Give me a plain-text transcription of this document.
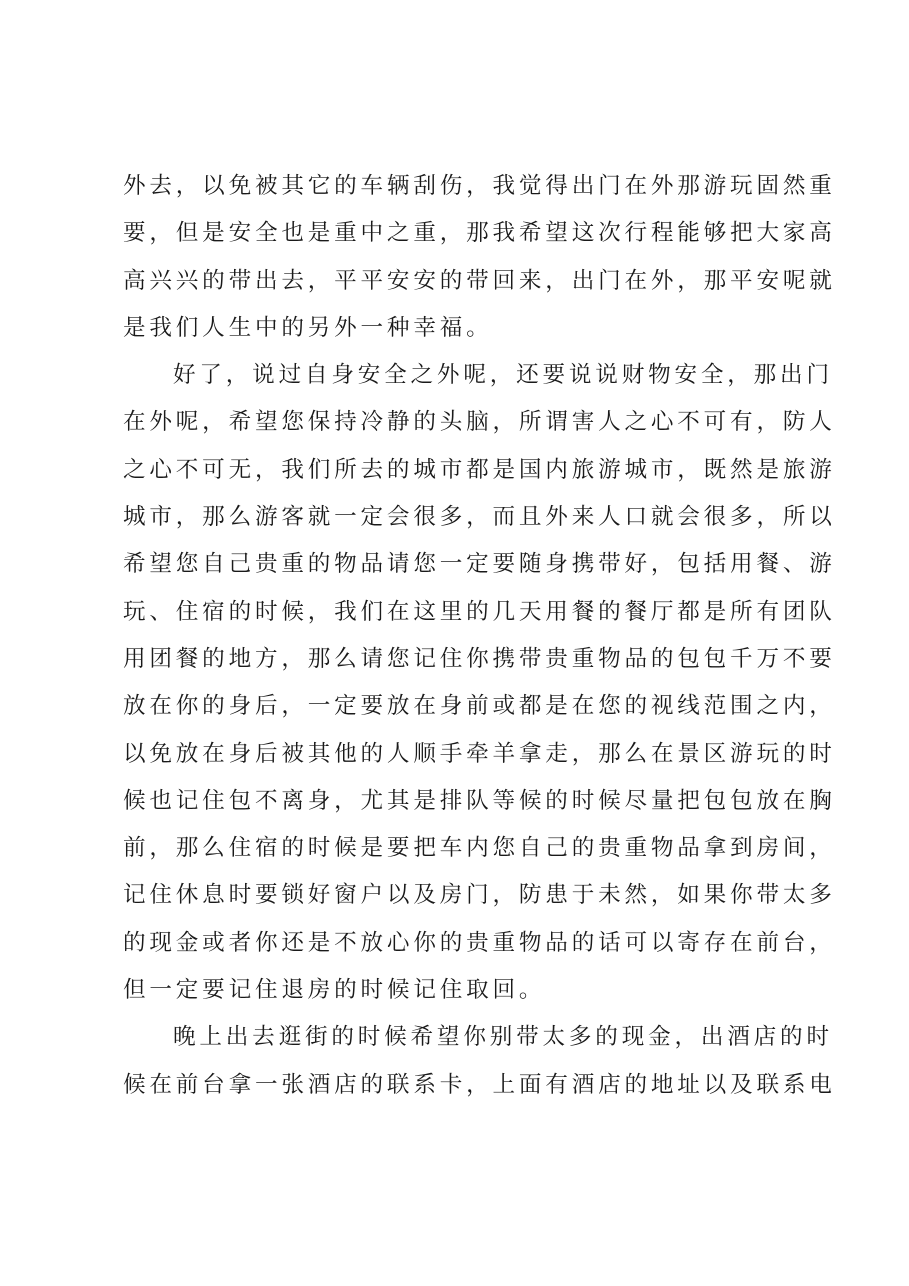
外去，以免被其它的车辆刮伤，我觉得出门在外那游玩固然重
要，但是安全也是重中之重，那我希望这次行程能够把大家高
高兴兴的带出去，平平安安的带回来，出门在外，那平安呢就
是我们人生中的另外一种幸福。
好了，说过自身安全之外呢，还要说说财物安全，那出门
在外呢，希望您保持冷静的头脑，所谓害人之心不可有，防人
之心不可无，我们所去的城市都是国内旅游城市，既然是旅游
城市，那么游客就一定会很多，而且外来人口就会很多，所以
希望您自己贵重的物品请您一定要随身携带好，包括用餐、游
玩、住宿的时候，我们在这里的几天用餐的餐厅都是所有团队
用团餐的地方，那么请您记住你携带贵重物品的包包千万不要
放在你的身后，一定要放在身前或都是在您的视线范围之内，
以免放在身后被其他的人顺手牵羊拿走，那么在景区游玩的时
候也记住包不离身，尤其是排队等候的时候尽量把包包放在胸
前，那么住宿的时候是要把车内您自己的贵重物品拿到房间，
记住休息时要锁好窗户以及房门，防患于未然，如果你带太多
的现金或者你还是不放心你的贵重物品的话可以寄存在前台，
但一定要记住退房的时候记住取回。
晚上出去逛街的时候希望你别带太多的现金，出酒店的时
候在前台拿一张酒店的联系卡，上面有酒店的地址以及联系电
